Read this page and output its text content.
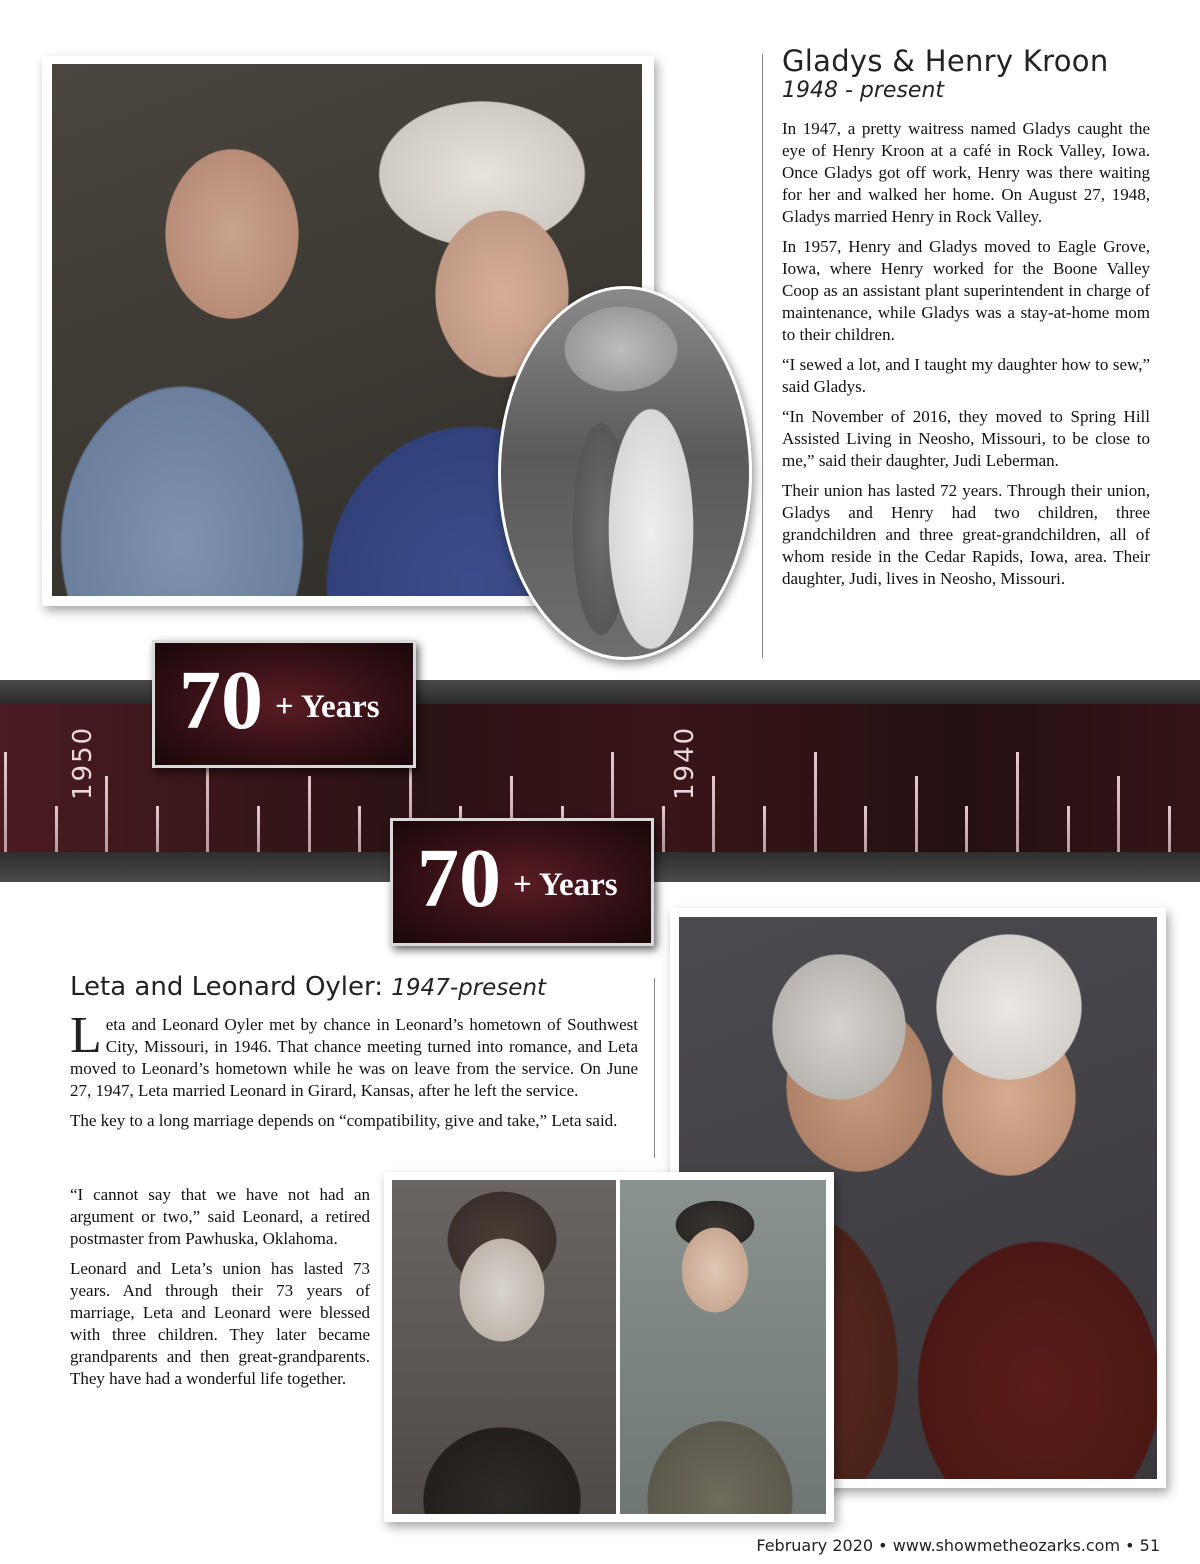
Gladys & Henry Kroon
1948 - present

In 1947, a pretty waitress named Gladys caught the eye of Henry Kroon at a café in Rock Valley, Iowa. Once Gladys got off work, Henry was there waiting for her and walked her home. On August 27, 1948, Gladys married Henry in Rock Valley.

In 1957, Henry and Gladys moved to Eagle Grove, Iowa, where Henry worked for the Boone Valley Coop as an assistant plant superintendent in charge of maintenance, while Gladys was a stay-at-home mom to their children.

“I sewed a lot, and I taught my daughter how to sew,” said Gladys.

“In November of 2016, they moved to Spring Hill Assisted Living in Neosho, Missouri, to be close to me,” said their daughter, Judi Leberman.

Their union has lasted 72 years. Through their union, Gladys and Henry had two children, three grandchildren and three great-grandchildren, all of whom reside in the Cedar Rapids, Iowa, area. Their daughter, Judi, lives in Neosho, Missouri.

1950	1940
70 + Years
70 + Years
Leta and Leonard Oyler: 1947-present

Leta and Leonard Oyler met by chance in Leonard’s hometown of Southwest City, Missouri, in 1946. That chance meeting turned into romance, and Leta moved to Leonard’s hometown while he was on leave from the service. On June 27, 1947, Leta married Leonard in Girard, Kansas, after he left the service.

The key to a long marriage depends on “compatibility, give and take,” Leta said.

“I cannot say that we have not had an argument or two,” said Leonard, a retired postmaster from Pawhuska, Oklahoma.

Leonard and Leta’s union has lasted 73 years. And through their 73 years of marriage, Leta and Leonard were blessed with three children. They later became grandparents and then great-grandparents. They have had a wonderful life together.

February 2020 • www.showmetheozarks.com • 51
